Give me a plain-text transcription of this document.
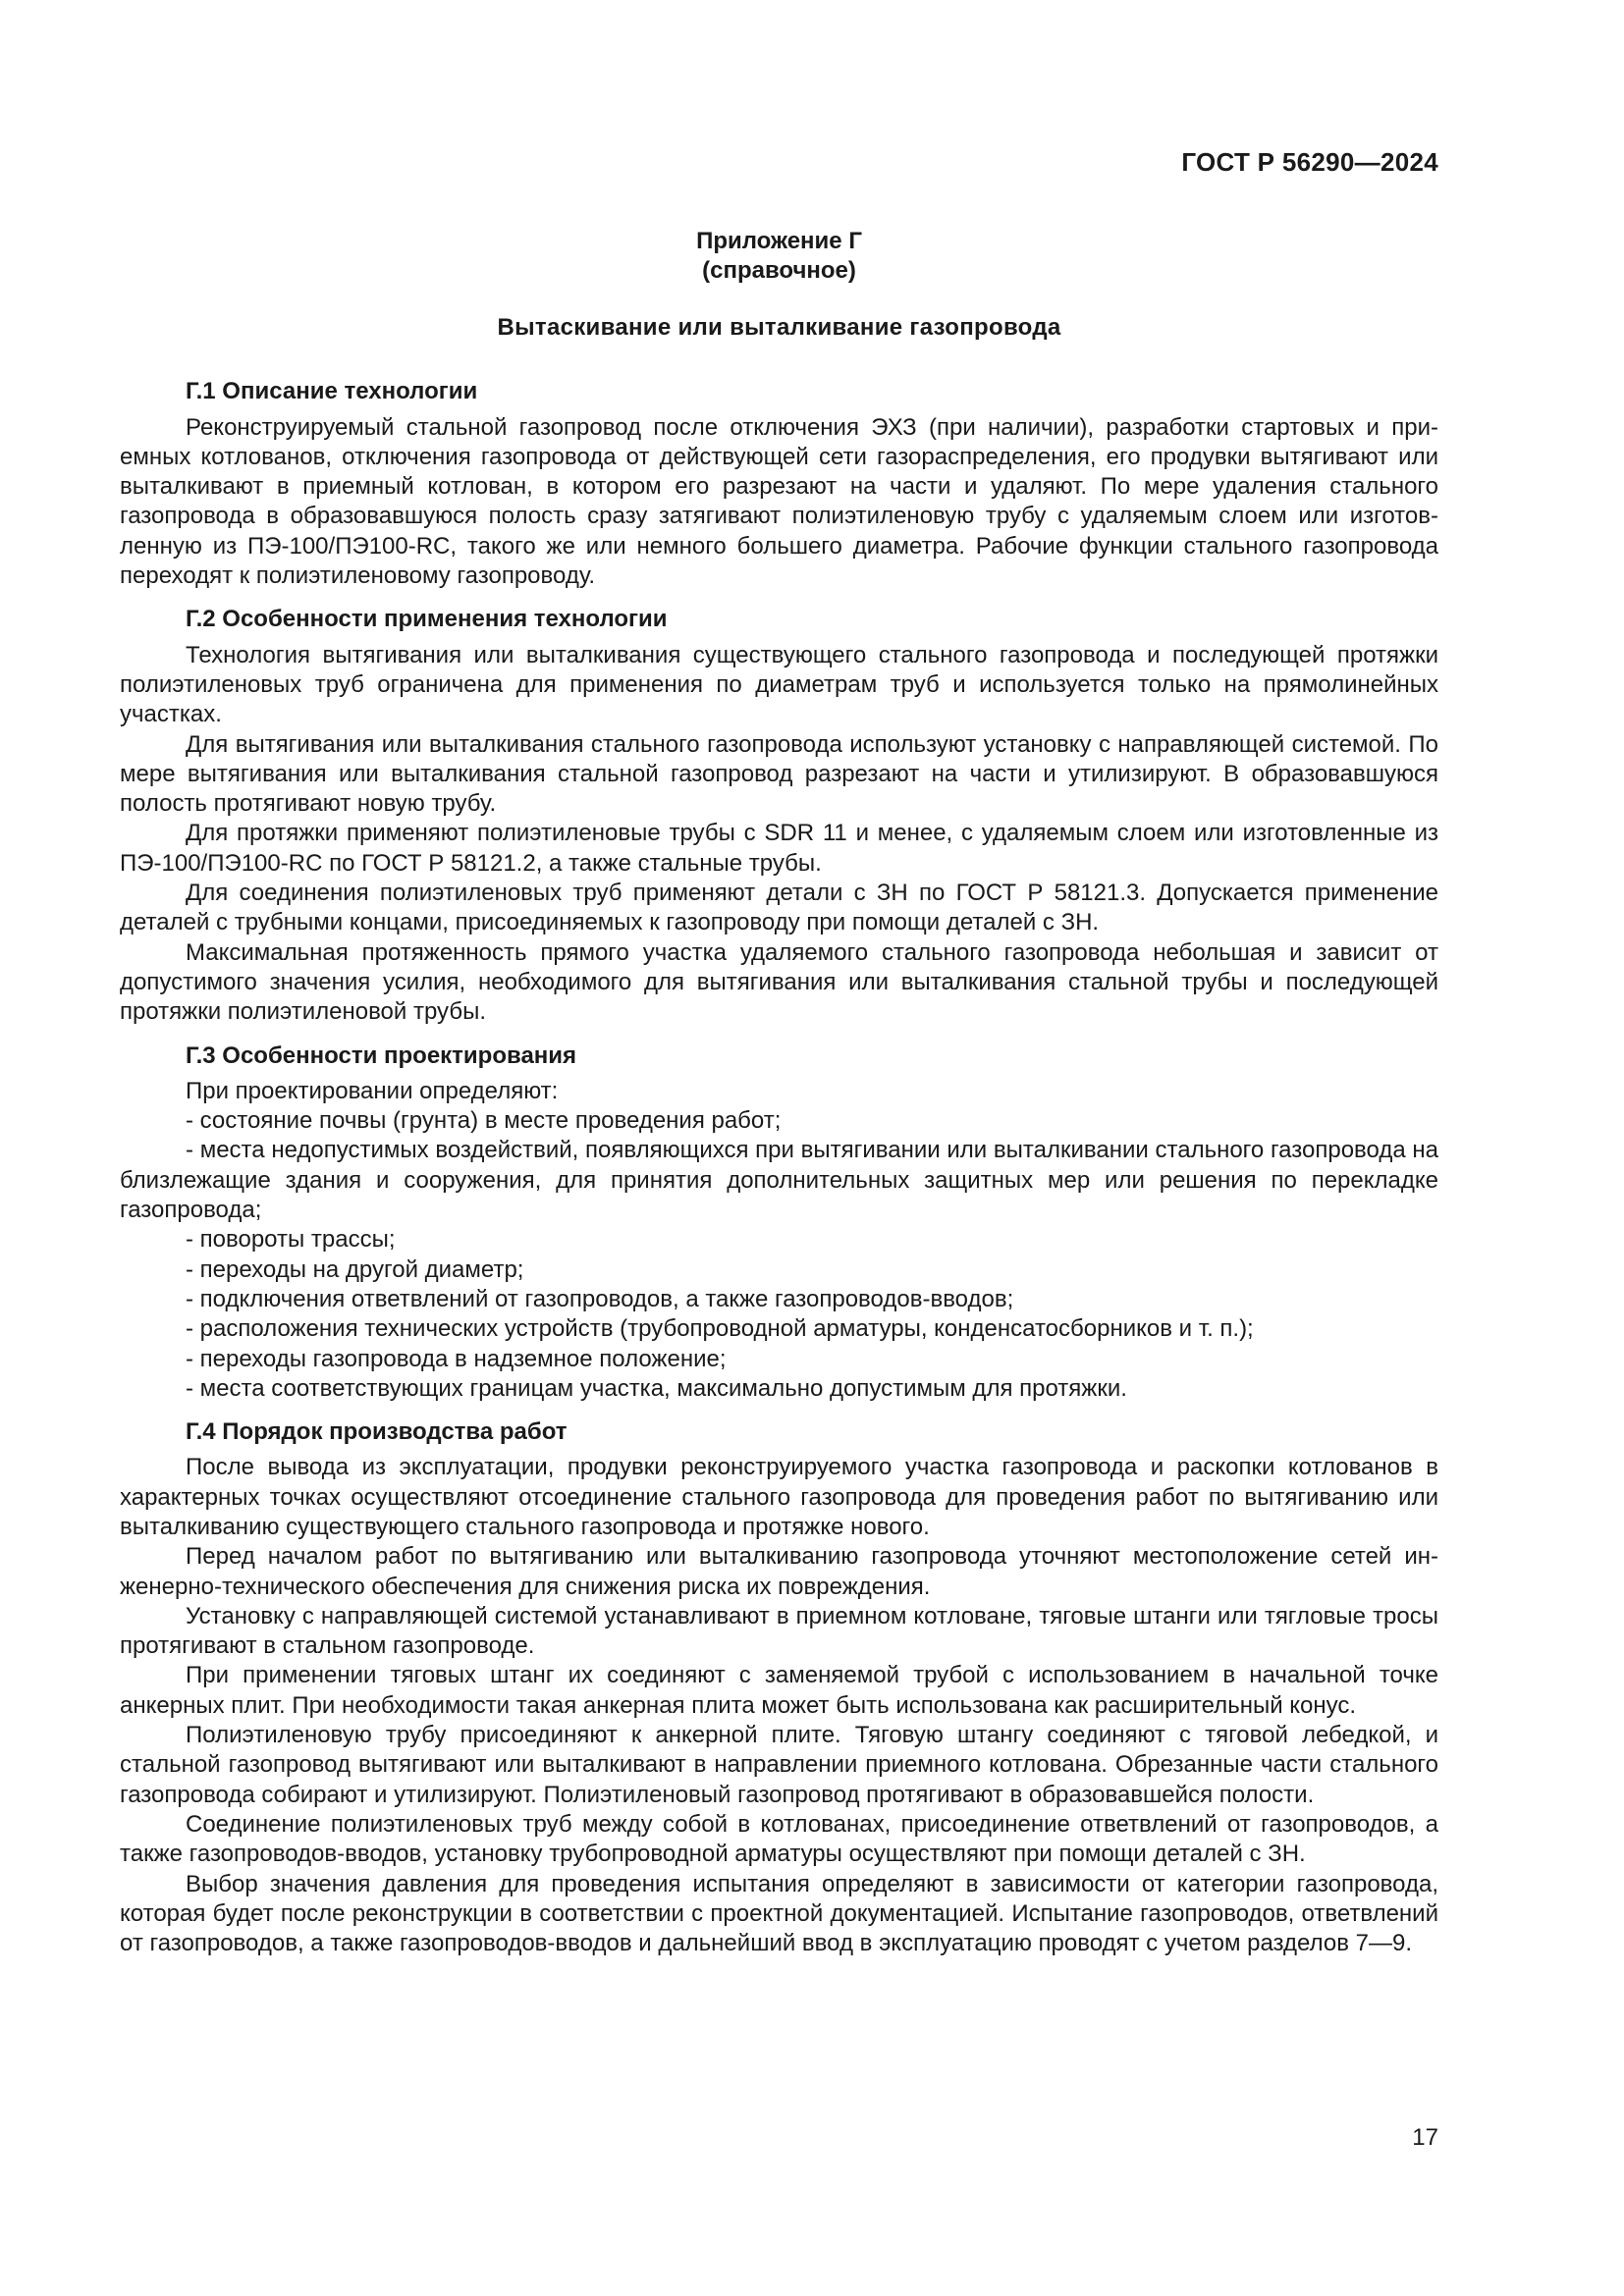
ГОСТ Р 56290—2024
Приложение Г
(справочное)
Вытаскивание или выталкивание газопровода
Г.1 Описание технологии

Реконструируемый стальной газопровод после отключения ЭХЗ (при наличии), разработки стартовых и приемных котлованов, отключения газопровода от действующей сети газораспределения, его продувки вытягивают или выталкивают в приемный котлован, в котором его разрезают на части и удаляют. По мере удаления стального газопровода в образовавшуюся полость сразу затягивают полиэтиленовую трубу с удаляемым слоем или изготовленную из ПЭ-100/ПЭ100-RC, такого же или немного большего диаметра. Рабочие функции стального газопровода переходят к полиэтиленовому газопроводу.

Г.2 Особенности применения технологии

Технология вытягивания или выталкивания существующего стального газопровода и последующей протяжки полиэтиленовых труб ограничена для применения по диаметрам труб и используется только на прямолинейных участках.

Для вытягивания или выталкивания стального газопровода используют установку с направляющей системой. По мере вытягивания или выталкивания стальной газопровод разрезают на части и утилизируют. В образовавшуюся полость протягивают новую трубу.

Для протяжки применяют полиэтиленовые трубы с SDR 11 и менее, с удаляемым слоем или изготовленные из ПЭ-100/ПЭ100-RC по ГОСТ Р 58121.2, а также стальные трубы.

Для соединения полиэтиленовых труб применяют детали с ЗН по ГОСТ Р 58121.3. Допускается применение деталей с трубными концами, присоединяемых к газопроводу при помощи деталей с ЗН.

Максимальная протяженность прямого участка удаляемого стального газопровода небольшая и зависит от допустимого значения усилия, необходимого для вытягивания или выталкивания стальной трубы и последующей протяжки полиэтиленовой трубы.

Г.3 Особенности проектирования

При проектировании определяют:

- состояние почвы (грунта) в месте проведения работ;

- места недопустимых воздействий, появляющихся при вытягивании или выталкивании стального газопровода на близлежащие здания и сооружения, для принятия дополнительных защитных мер или решения по перекладке газопровода;

- повороты трассы;

- переходы на другой диаметр;

- подключения ответвлений от газопроводов, а также газопроводов-вводов;

- расположения технических устройств (трубопроводной арматуры, конденсатосборников и т. п.);

- переходы газопровода в надземное положение;

- места соответствующих границам участка, максимально допустимым для протяжки.

Г.4 Порядок производства работ

После вывода из эксплуатации, продувки реконструируемого участка газопровода и раскопки котлованов в характерных точках осуществляют отсоединение стального газопровода для проведения работ по вытягиванию или выталкиванию существующего стального газопровода и протяжке нового.

Перед началом работ по вытягиванию или выталкиванию газопровода уточняют местоположение сетей инженерно-технического обеспечения для снижения риска их повреждения.

Установку с направляющей системой устанавливают в приемном котловане, тяговые штанги или тягловые тросы протягивают в стальном газопроводе.

При применении тяговых штанг их соединяют с заменяемой трубой с использованием в начальной точке анкерных плит. При необходимости такая анкерная плита может быть использована как расширительный конус.

Полиэтиленовую трубу присоединяют к анкерной плите. Тяговую штангу соединяют с тяговой лебедкой, и стальной газопровод вытягивают или выталкивают в направлении приемного котлована. Обрезанные части стального газопровода собирают и утилизируют. Полиэтиленовый газопровод протягивают в образовавшейся полости.

Соединение полиэтиленовых труб между собой в котлованах, присоединение ответвлений от газопроводов, а также газопроводов-вводов, установку трубопроводной арматуры осуществляют при помощи деталей с ЗН.

Выбор значения давления для проведения испытания определяют в зависимости от категории газопровода, которая будет после реконструкции в соответствии с проектной документацией. Испытание газопроводов, ответвлений от газопроводов, а также газопроводов-вводов и дальнейший ввод в эксплуатацию проводят с учетом разделов 7—9.

17
